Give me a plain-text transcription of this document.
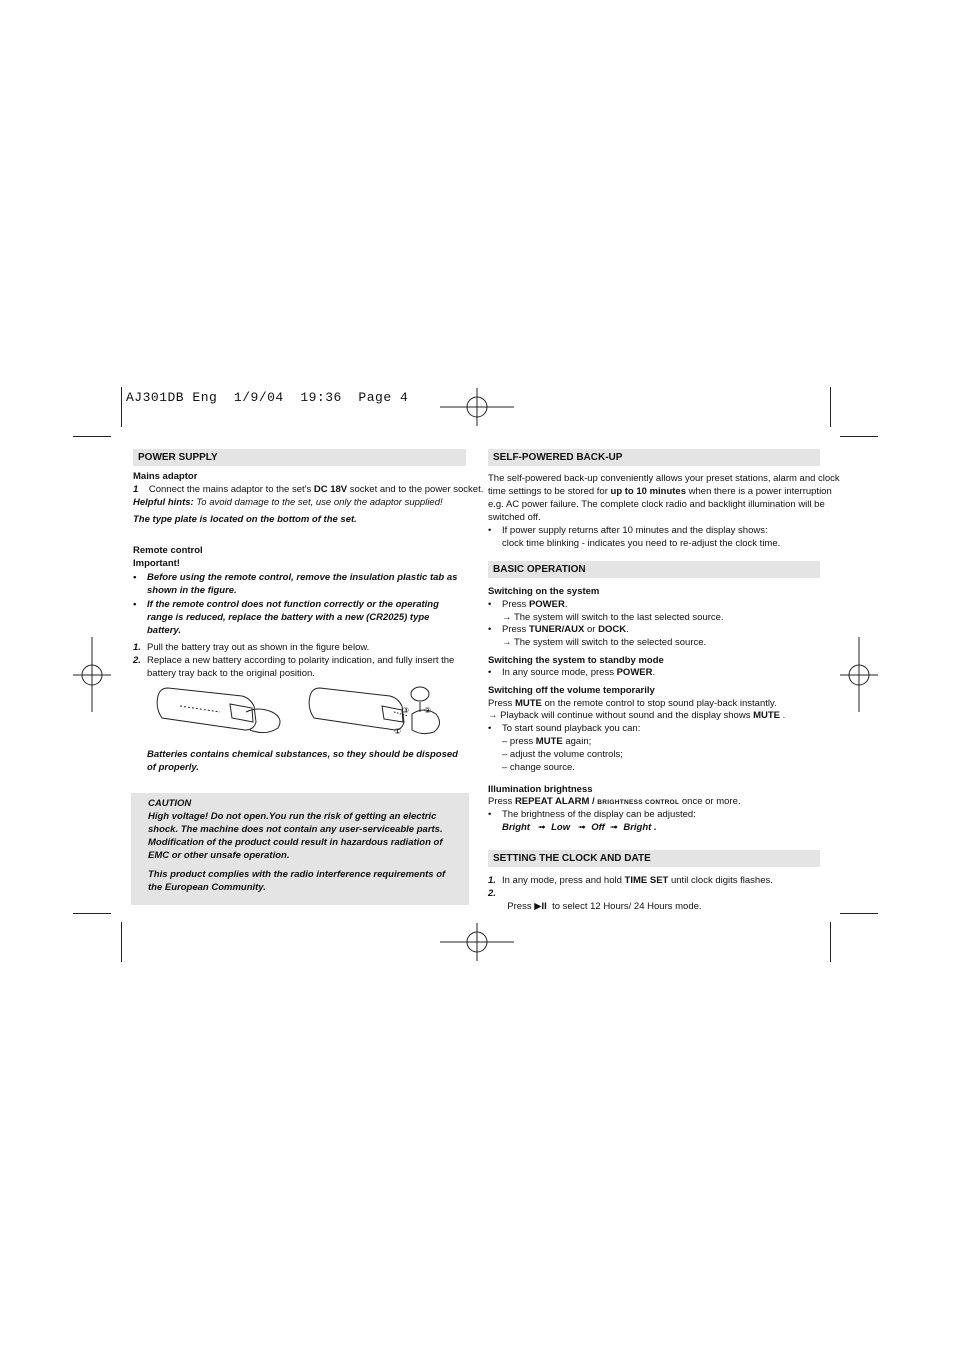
AJ301DB Eng  1/9/04  19:36  Page 4
POWER SUPPLY
Mains adaptor
1 Connect the mains adaptor to the set's DC 18V socket and to the power socket.
Helpful hints: To avoid damage to the set, use only the adaptor supplied!
The type plate is located on the bottom of the set.
Remote control
Important!
• Before using the remote control, remove the insulation plastic tab as
shown in the figure.
• If the remote control does not function correctly or the operating
range is reduced, replace the battery with a new (CR2025) type
battery.
1. Pull the battery tray out as shown in the figure below.
2. Replace a new battery according to polarity indication, and fully insert the
battery tray back to the original position.
③ ②
①
Batteries contains chemical substances, so they should be disposed
of properly.
CAUTION
High voltage! Do not open.You run the risk of getting an electric
shock. The machine does not contain any user-serviceable parts.
Modification of the product could result in hazardous radiation of
EMC or other unsafe operation.
This product complies with the radio interference requirements of
the European Community.
SELF-POWERED BACK-UP
The self-powered back-up conveniently allows your preset stations, alarm and clock
time settings to be stored for up to 10 minutes when there is a power interruption
e.g. AC power failure. The complete clock radio and backlight illumination will be
switched off.
• If power supply returns after 10 minutes and the display shows:
clock time blinking - indicates you need to re-adjust the clock time.
BASIC OPERATION
Switching on the system
• Press POWER.
→ The system will switch to the last selected source.
• Press TUNER/AUX or DOCK.
→ The system will switch to the selected source.
Switching the system to standby mode
• In any source mode, press POWER.
Switching off the volume temporarily
Press MUTE on the remote control to stop sound play-back instantly.
→ Playback will continue without sound and the display shows MUTE .
• To start sound playback you can:
– press MUTE again;
– adjust the volume controls;
– change source.
Illumination brightness
Press REPEAT ALARM / BRIGHTNESS CONTROL once or more.
• The brightness of the display can be adjusted:
Bright   ➟  Low   ➟  Off  ➟  Bright .
SETTING THE CLOCK AND DATE
1. In any mode, press and hold TIME SET until clock digits flashes.
2.

Press ▶II  to select 12 Hours/ 24 Hours mode.
